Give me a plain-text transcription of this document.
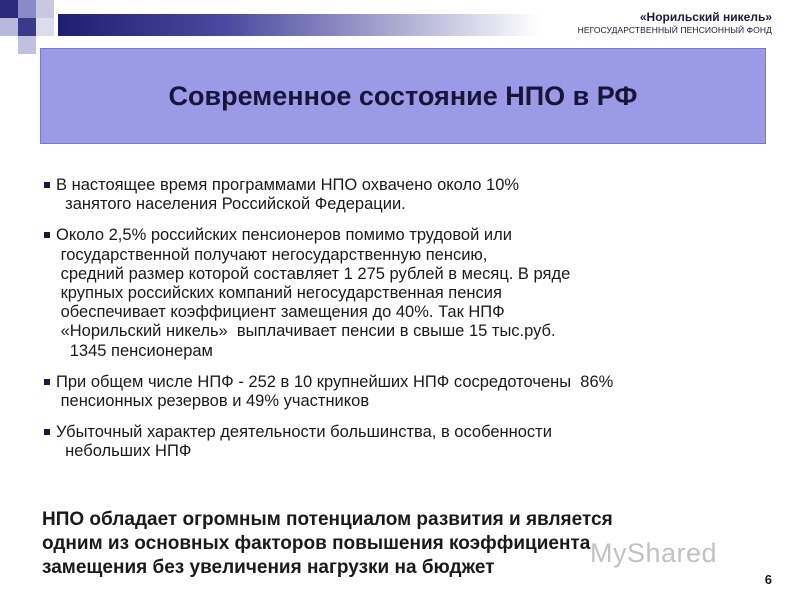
«Норильский никель»
НЕГОСУДАРСТВЕННЫЙ ПЕНСИОННЫЙ ФОНД
Современное состояние НПО в РФ
В настоящее время программами НПО охвачено около 10%
занятого населения Российской Федерации.
Около 2,5% российских пенсионеров помимо трудовой или
государственной получают негосударственную пенсию,
средний размер которой составляет 1 275 рублей в месяц. В ряде
крупных российских компаний негосударственная пенсия
обеспечивает коэффициент замещения до 40%. Так НПФ
«Норильский никель»  выплачивает пенсии в свыше 15 тыс.руб.
1345 пенсионерам
При общем числе НПФ - 252 в 10 крупнейших НПФ сосредоточены  86%
пенсионных резервов и 49% участников
Убыточный характер деятельности большинства, в особенности
небольших НПФ
НПО обладает огромным потенциалом развития и является
одним из основных факторов повышения коэффициента
замещения без увеличения нагрузки на бюджет	MyShared
6
